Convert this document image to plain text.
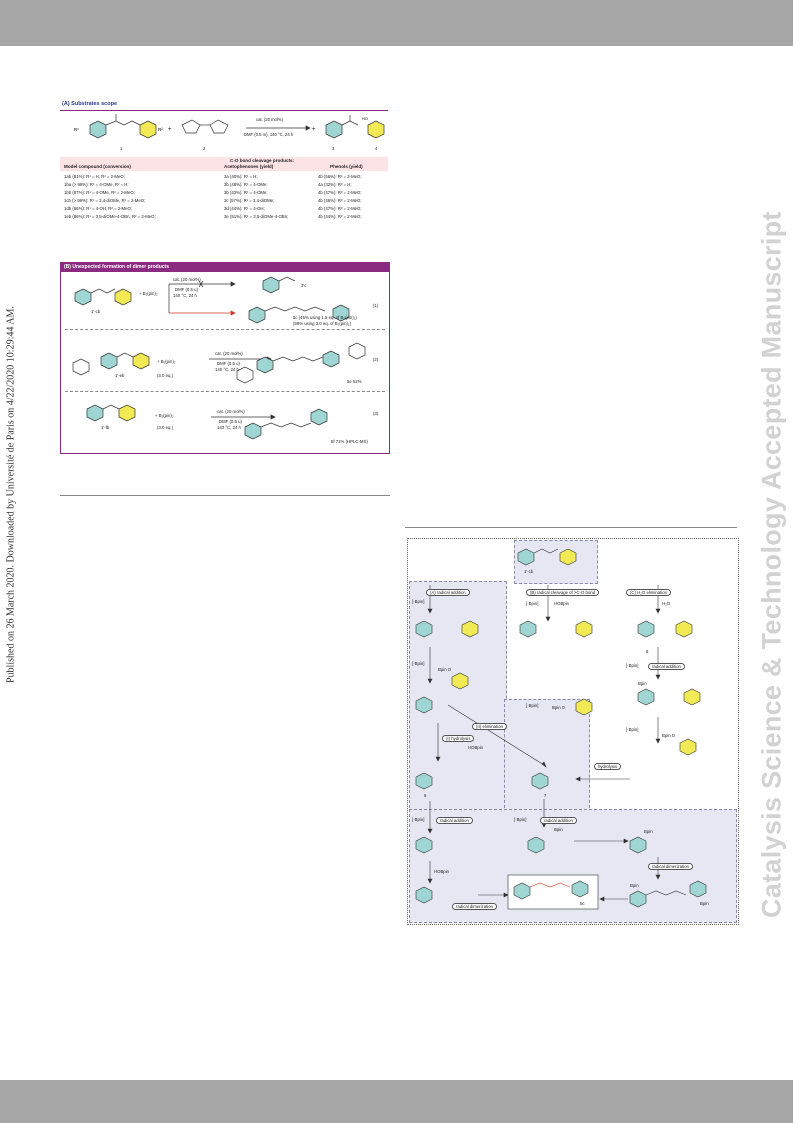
Published on 26 March 2020. Downloaded by Université de Paris on 4/22/2020 10:29:44 AM.	Catalysis Science & Technology Accepted Manuscript
(A) Substrates scope
R¹	R² +
HO
+
cat. (20 mol%)
DMF (0.5 m), 140 °C, 24 h
1	2	3	4
Model compound (conversion)
C-O bond cleavage products:
Acetophenones (yield)	Phenols (yield)
1ab (81%): R¹ = H, R² = 2-MeO;	3a (40%): R¹ = H;	4b (56%): R² = 2-MeO;
1ba (> 99%): R¹ = 4-OMe, R² = H;	3b (48%): R¹ = 4-OMe;	4a (32%): R² = H;
1bb (87%): R¹ = 4-OMe, R² = 2-MeO;	3b (43%): R¹ = 4-OMe;	4b (47%): R² = 2-MeO;
1cb (> 99%): R¹ = 3,4-diOMe, R² = 2-MeO;	3c (57%): R¹ = 3,4-diOMe;	4b (46%): R² = 2-MeO;
1db (66%): R¹ = 4-OH, R² = 2-MeO;	3d (44%): R¹ = 4-OH;	4b (47%): R² = 2-MeO;
1eb (86%): R¹ = 3,5-diOMe-4-OBn, R² = 2-MeO;	3e (51%): R¹ = 3,5-diOMe-4-OBn;	4b (44%): R² = 2-MeO;
(B) Unexpected formation of dimer products
1'-cb
+ B₂(pin)₂
cat. (20 mol%)
DMF (0.5 u)
140 °C, 24 h
3'c
(1)
5c (45% using 1.5 eq. of B₂(pin)₂)
(99% using 3.0 eq. of B₂(pin)₂)
1'-eb
+ B₂(pin)₂
(3.0 eq.)
cat. (20 mol%)
DMF (0.5 u)
140 °C, 24 h
5e 52%
(2)
1'-fb
+ B₂(pin)₂
(3.0 eq.)
cat. (20 mol%)
DMF (0.5 u)
140 °C, 24 h
5f 71% (HPLC-MS)
(3)
1'-cb
(A) radical addition	(B) radical cleavage of >C-O bond	(C) H₂O elimination
[·Bpin]	[·Bpin]	HOBpin	H₂O
[·Bpin]
Bpin O
[·Bpin]	Bpin O
[·Bpin]	radical addition
Bpin
[·Bpin]
Bpin O
8
(I) hydrolysis
(II) elimination
HOBpin
hydrolysis
6	7
[·Bpin]	radical addition	[·Bpin]	radical addition
Bpin	Bpin
HOBpin
radical dimerization
Bpin
Bpin
radical dimerization
5c
